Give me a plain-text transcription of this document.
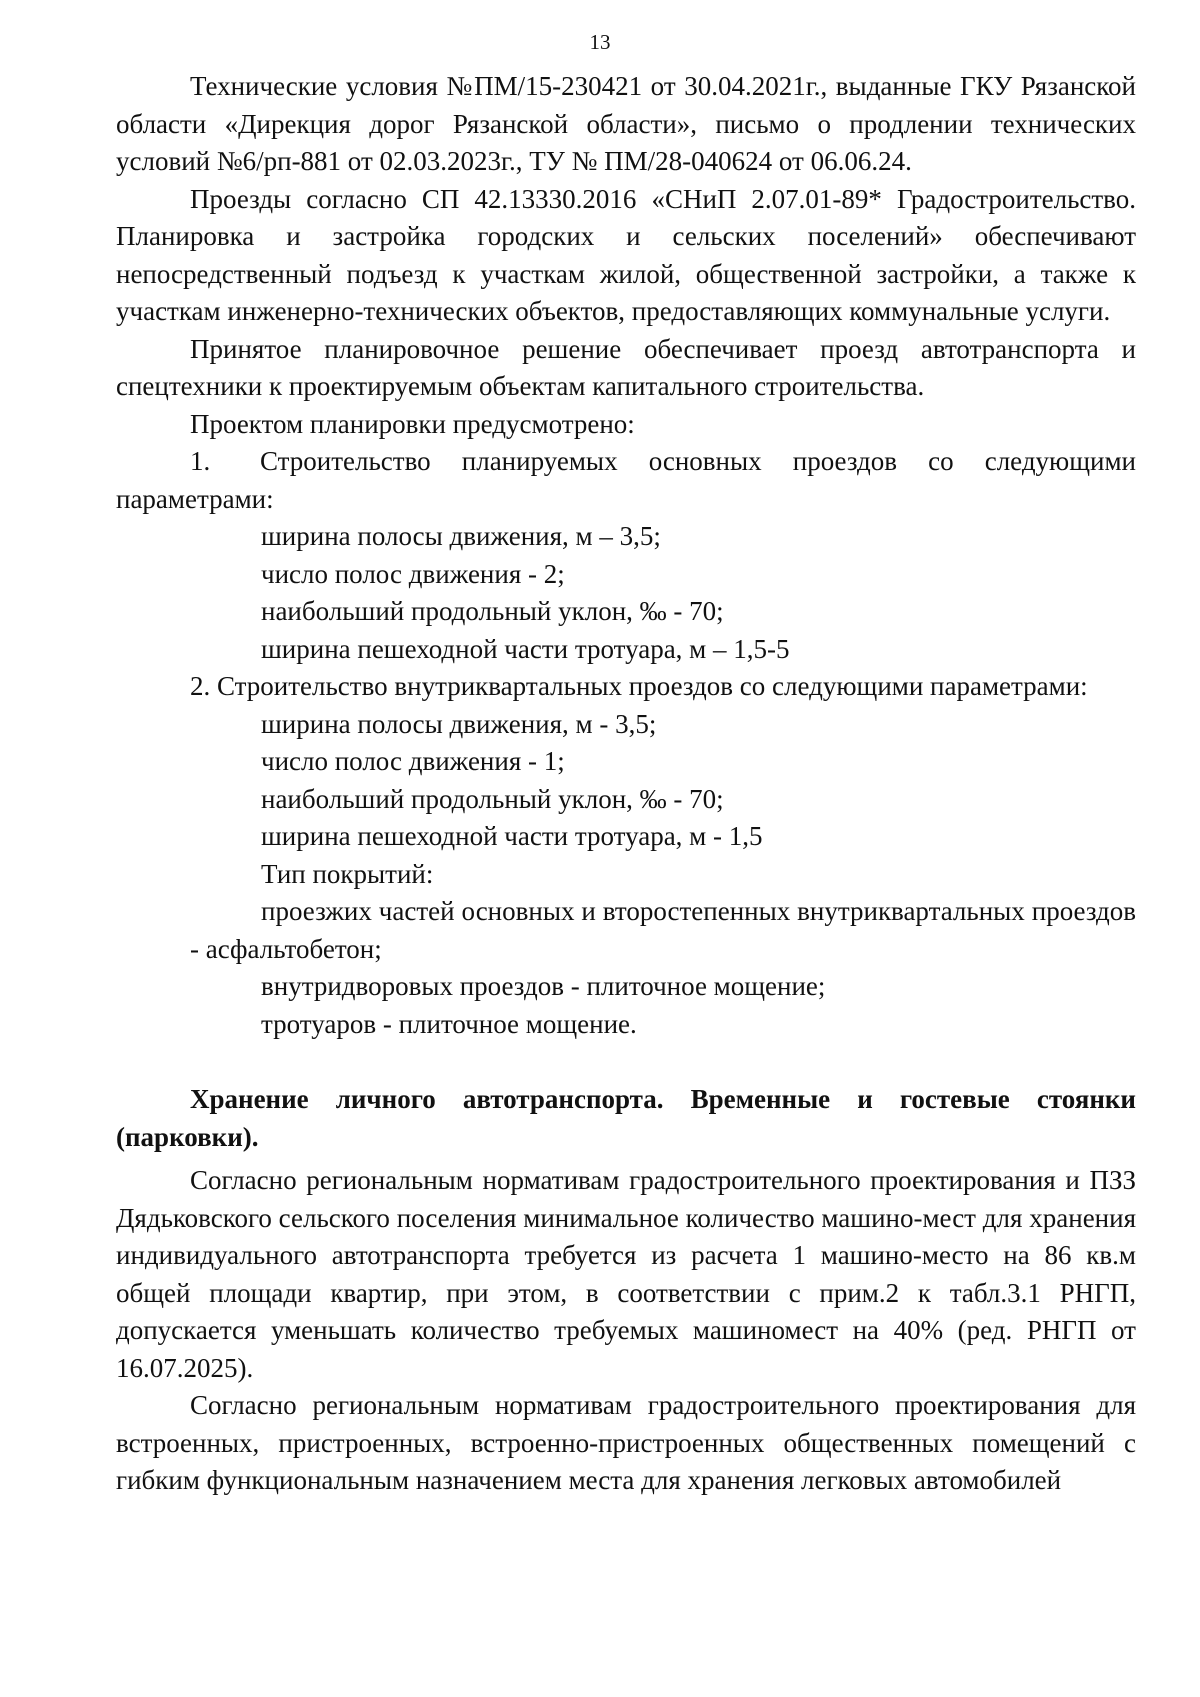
13

Технические условия №ПМ/15-230421 от 30.04.2021г., выданные ГКУ Рязанской области «Дирекция дорог Рязанской области», письмо о продлении технических условий №6/рп-881 от 02.03.2023г., ТУ № ПМ/28-040624 от 06.06.24.

Проезды согласно СП 42.13330.2016 «СНиП 2.07.01-89* Градостроительство. Планировка и застройка городских и сельских поселений» обеспечивают непосредственный подъезд к участкам жилой, общественной застройки, а также к участкам инженерно-технических объектов, предоставляющих коммунальные услуги.

Принятое планировочное решение обеспечивает проезд автотранспорта и спецтехники к проектируемым объектам капитального строительства.

Проектом планировки предусмотрено:

1. Строительство планируемых основных проездов со следующими параметрами:

ширина полосы движения, м – 3,5;

число полос движения - 2;

наибольший продольный уклон, ‰ - 70;

ширина пешеходной части тротуара, м – 1,5-5

2. Строительство внутриквартальных проездов со следующими параметрами:

ширина полосы движения, м - 3,5;

число полос движения - 1;

наибольший продольный уклон, ‰ - 70;

ширина пешеходной части тротуара, м - 1,5

Тип покрытий:

проезжих частей основных и второстепенных внутриквартальных проездов - асфальтобетон;

внутридворовых проездов - плиточное мощение;

тротуаров - плиточное мощение.

Хранение личного автотранспорта. Временные и гостевые стоянки (парковки).

Согласно региональным нормативам градостроительного проектирования и ПЗЗ Дядьковского сельского поселения минимальное количество машино-мест для хранения индивидуального автотранспорта требуется из расчета 1 машино-место на 86 кв.м общей площади квартир, при этом, в соответствии с прим.2 к табл.3.1 РНГП, допускается уменьшать количество требуемых машиномест на 40% (ред. РНГП от 16.07.2025).

Согласно региональным нормативам градостроительного проектирования для встроенных, пристроенных, встроенно-пристроенных общественных помещений с гибким функциональным назначением места для хранения легковых автомобилей
